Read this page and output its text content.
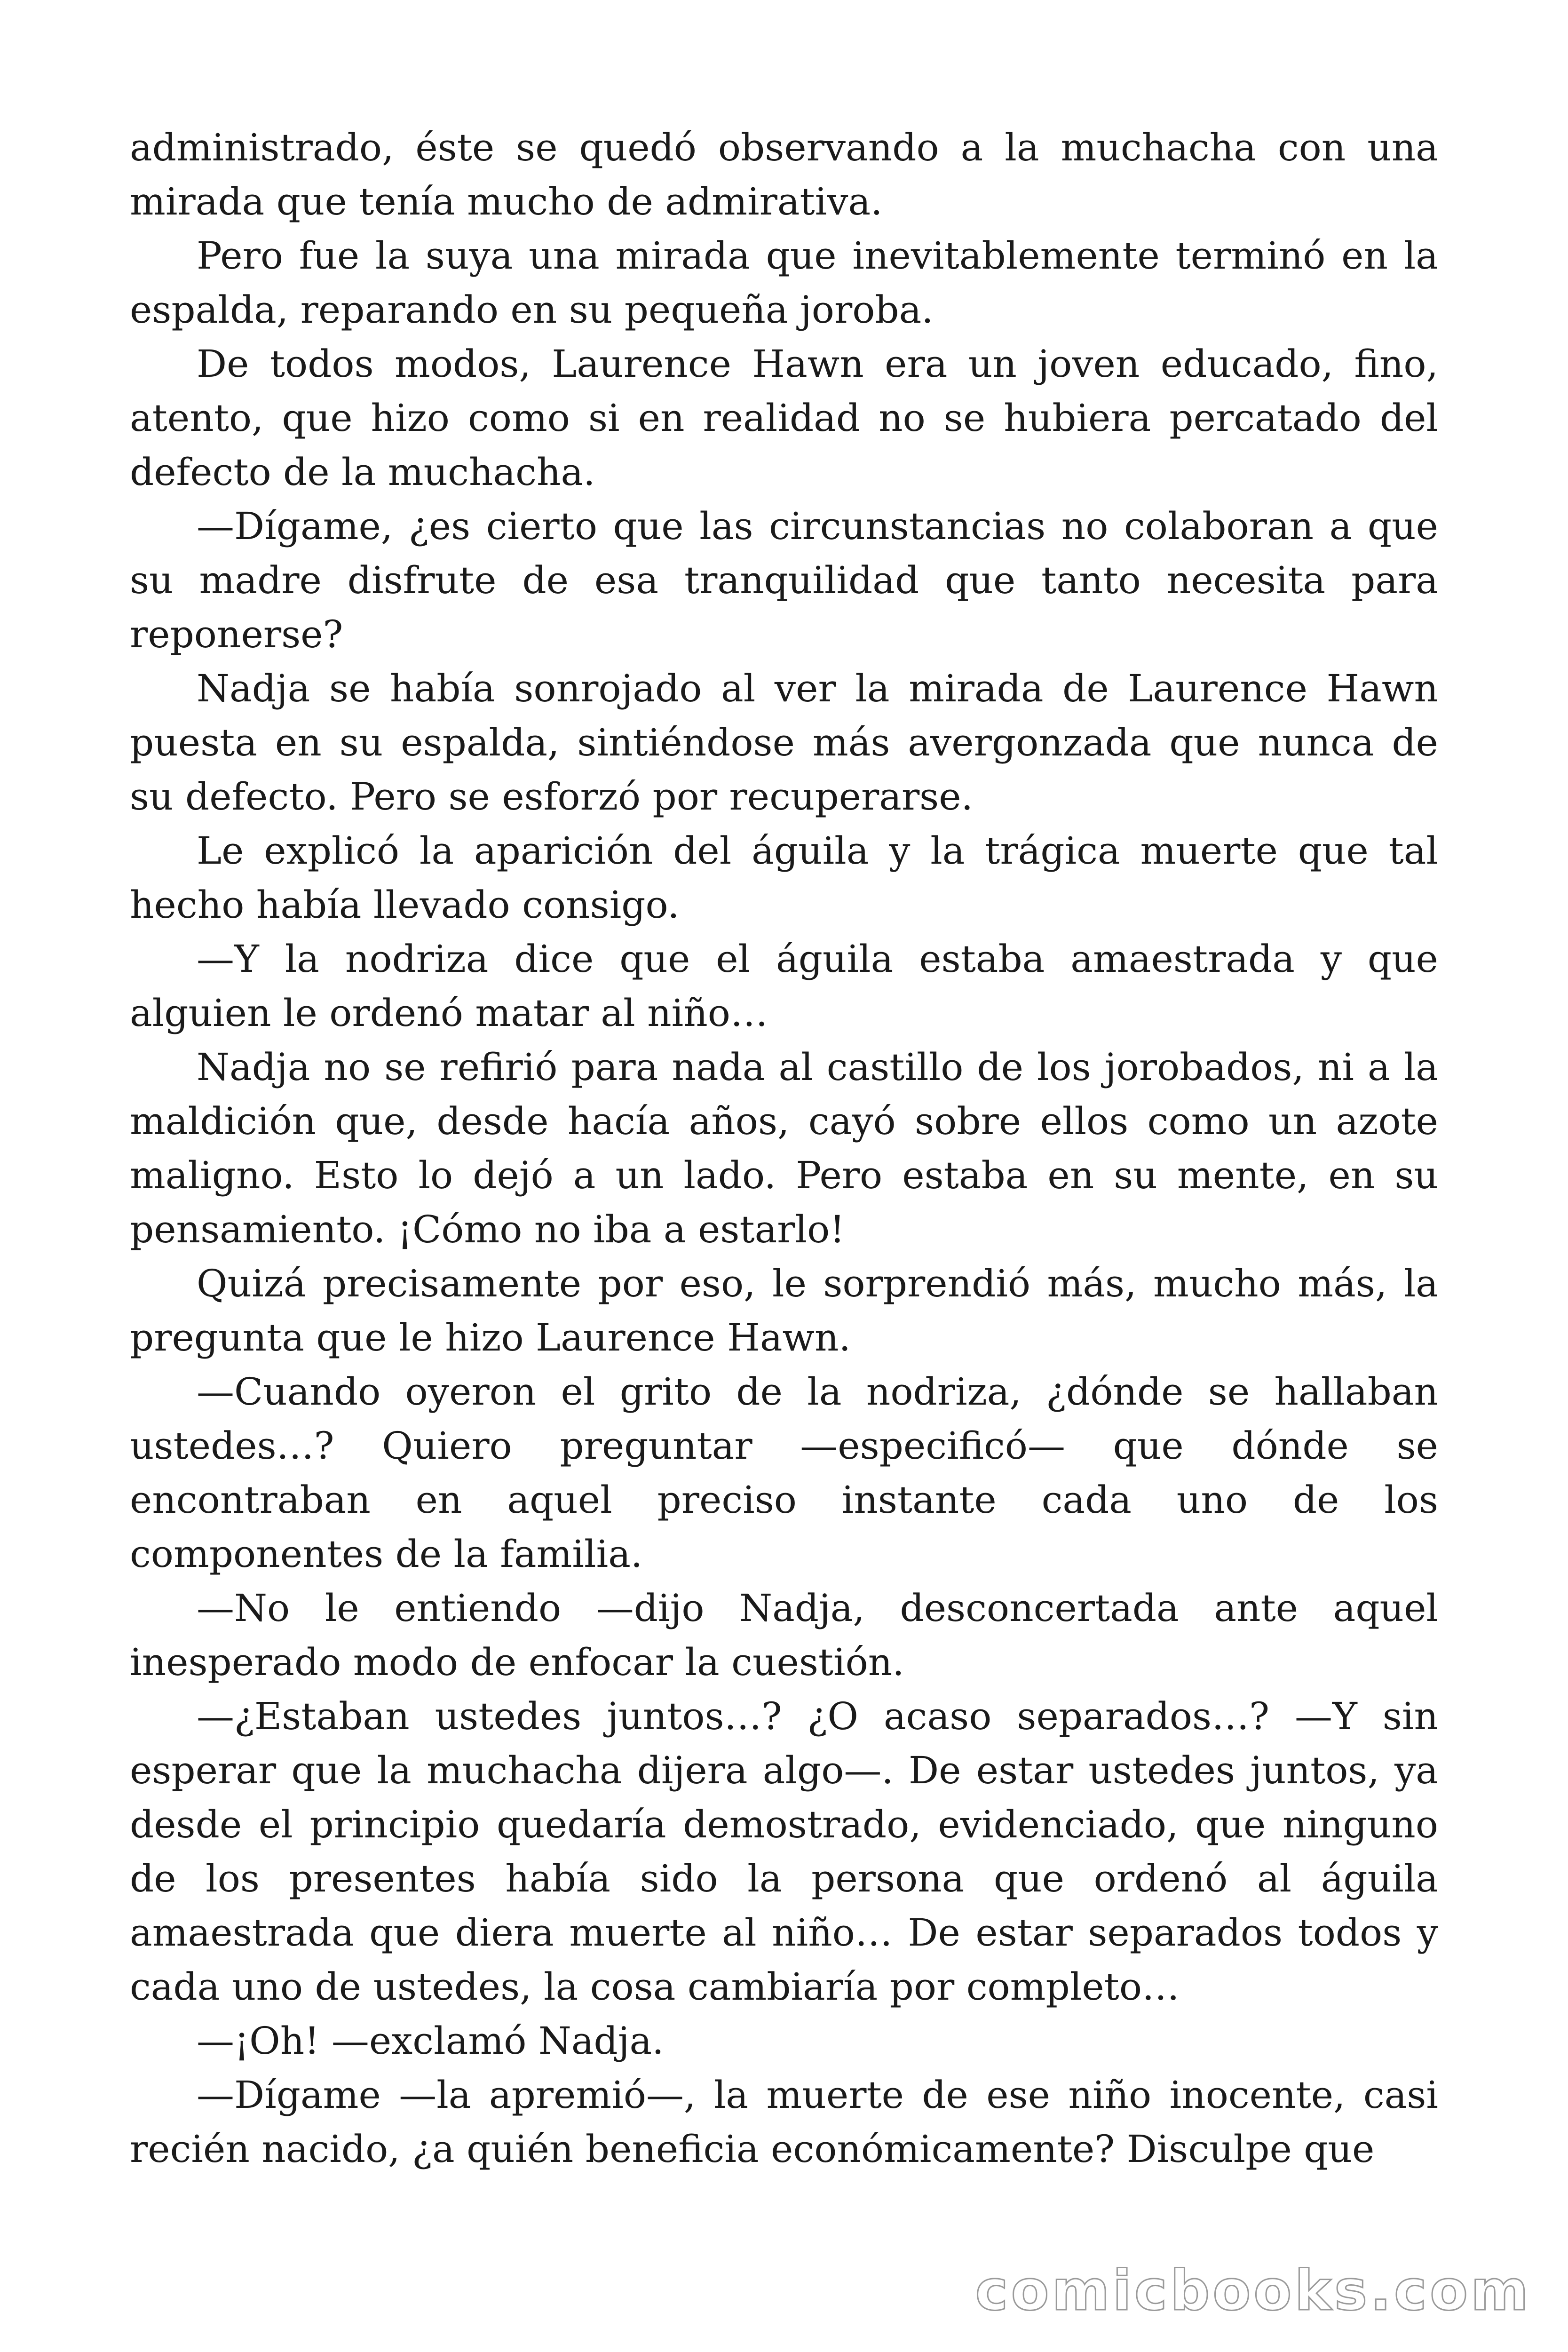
administrado, éste se quedó observando a la muchacha con una mirada que tenía mucho de admirativa.

Pero fue la suya una mirada que inevitablemente terminó en la espalda, reparando en su pequeña joroba.

De todos modos, Laurence Hawn era un joven educado, fino, atento, que hizo como si en realidad no se hubiera percatado del defecto de la muchacha.

—Dígame, ¿es cierto que las circunstancias no colaboran a que su madre disfrute de esa tranquilidad que tanto necesita para reponerse?

Nadja se había sonrojado al ver la mirada de Laurence Hawn puesta en su espalda, sintiéndose más avergonzada que nunca de su defecto. Pero se esforzó por recuperarse.

Le explicó la aparición del águila y la trágica muerte que tal hecho había llevado consigo.

—Y la nodriza dice que el águila estaba amaestrada y que alguien le ordenó matar al niño…

Nadja no se refirió para nada al castillo de los jorobados, ni a la maldición que, desde hacía años, cayó sobre ellos como un azote maligno. Esto lo dejó a un lado. Pero estaba en su mente, en su pensamiento. ¡Cómo no iba a estarlo!

Quizá precisamente por eso, le sorprendió más, mucho más, la pregunta que le hizo Laurence Hawn.

—Cuando oyeron el grito de la nodriza, ¿dónde se hallaban ustedes…? Quiero preguntar —especificó— que dónde se encontraban en aquel preciso instante cada uno de los componentes de la familia.

—No le entiendo —dijo Nadja, desconcertada ante aquel inesperado modo de enfocar la cuestión.

—¿Estaban ustedes juntos…? ¿O acaso separados…? —Y sin esperar que la muchacha dijera algo—. De estar ustedes juntos, ya desde el principio quedaría demostrado, evidenciado, que ninguno de los presentes había sido la persona que ordenó al águila amaestrada que diera muerte al niño… De estar separados todos y cada uno de ustedes, la cosa cambiaría por completo…

—¡Oh! —exclamó Nadja.

—Dígame —la apremió—, la muerte de ese niño inocente, casi recién nacido, ¿a quién beneficia económicamente? Disculpe que

comicbooks.com
